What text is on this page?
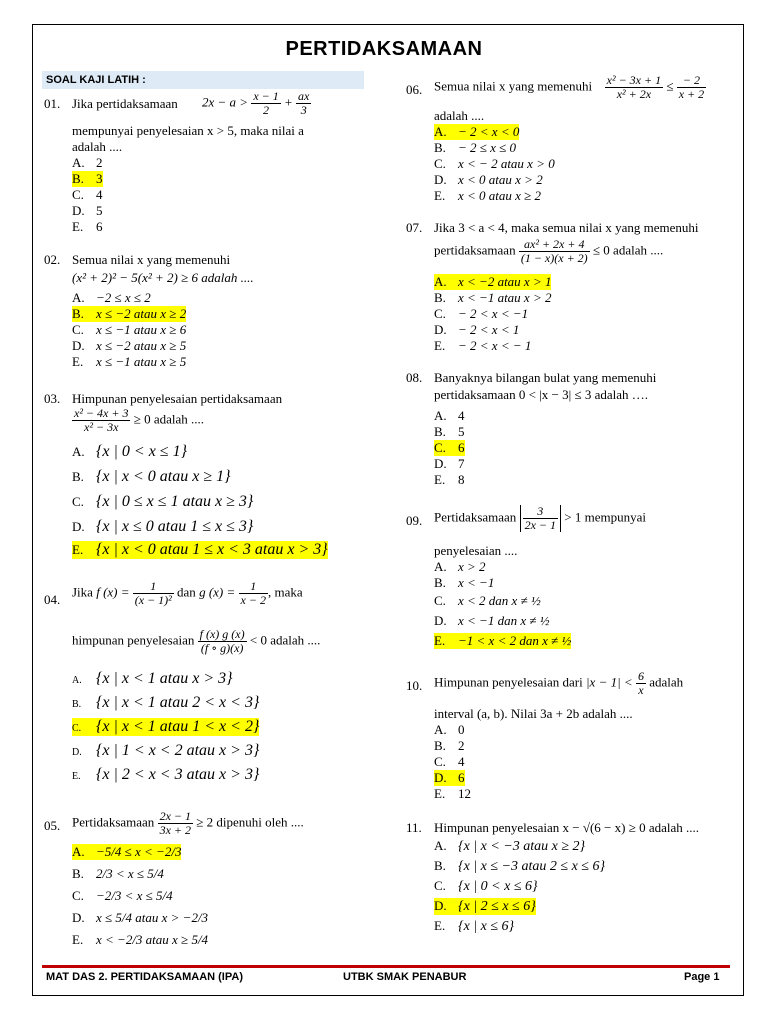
PERTIDAKSAMAAN
SOAL KAJI LATIH :
01. Jika pertidaksamaan $2x - a > \frac{x - 1}{2} + \frac{ax}{3}$
mempunyai penyelesaian x > 5, maka nilai a
adalah ....
A. 2
B. 3
C. 4
D. 5
E. 6
02. Semua nilai x yang memenuhi
(x² + 2)² − 5(x² + 2) ≥ 6 adalah ....
A. −2 ≤ x ≤ 2
B. x ≤ −2 atau x ≥ 2
C. x ≤ −1 atau x ≥ 6
D. x ≤ −2 atau x ≥ 5
E. x ≤ −1 atau x ≥ 5
03. Himpunan penyelesaian pertidaksamaan
$\frac{\text{x² − 4x + 3}}{\text{x² − 3x}} \ge 0$ adalah ....
A. {x | 0 < x ≤ 1}
B. {x | x < 0 atau x ≥ 1}
C. {x | 0 ≤ x ≤ 1 atau x ≥ 3}
D. {x | x ≤ 0 atau 1 ≤ x ≤ 3}
E. {x | x < 0 atau 1 ≤ x < 3 atau x > 3}
04.
Jika f $(x) = \frac{1}{\text{(x − 1)²}}$ dan g $(x) = \frac{1}{x - 2}$ , maka
himpunan penyelesaian $\frac{f (x) g (x)}{(f \circ g)(x)} < 0$ adalah ....
A. {x | x < 1 atau x > 3}
B. {x | x < 1 atau 2 < x < 3}
C. {x | x < 1 atau 1 < x < 2}
D. {x | 1 < x < 2 atau x > 3}
E. {x | 2 < x < 3 atau x > 3}
05. Pertidaksamaan $\frac{2x - 1}{3x + 2} \ge 2$ dipenuhi oleh ....
A. −5/4 ≤ x < −2/3
B. 2/3 < x ≤ 5/4
C. −2/3 < x ≤ 5/4
D. x ≤ 5/4 atau x > −2/3
E. x < −2/3 atau x ≥ 5/4
06. Semua nilai x yang memenuhi $\frac{\text{x² − 3x + 1}}{\text{x² + 2x}} \le \frac{- 2}{x + 2}$
adalah ....
A. − 2 < x < 0
B. − 2 ≤ x ≤ 0
C. x < − 2 atau x > 0
D. x < 0 atau x > 2
E. x < 0 atau x ≥ 2
07. Jika 3 < a < 4, maka semua nilai x yang memenuhi
pertidaksamaan $\frac{\text{ax² + 2x + 4}}{(1 - x)(x + 2)} \le 0$ adalah ....
A. x < −2 atau x > 1
B. x < −1 atau x > 2
C. − 2 < x < −1
D. − 2 < x < 1
E. − 2 < x < − 1
08. Banyaknya bilangan bulat yang memenuhi
pertidaksamaan 0 < |x − 3| ≤ 3 adalah ….
A. 4
B. 5
C. 6
D. 7
E. 8
09. Pertidaksamaan $\frac{3}{2x - 1} > 1$ mempunyai
penyelesaian ....
A. x > 2
B. x < −1
C. x < 2 dan x ≠ ½
D. x < −1 dan x ≠ ½
E. −1 < x < 2 dan x ≠ ½
10. Himpunan penyelesaian dari $|x - 1| < \frac{6}{x}$ adalah
interval (a, b). Nilai 3a + 2b adalah ....
A. 0
B. 2
C. 4
D. 6
E. 12
11. Himpunan penyelesaian x − √(6 − x) ≥ 0 adalah ....
A. {x | x < −3 atau x ≥ 2}
B. {x | x ≤ −3 atau 2 ≤ x ≤ 6}
C. {x | 0 < x ≤ 6}
D. {x | 2 ≤ x ≤ 6}
E. {x | x ≤ 6}
MAT DAS 2. PERTIDAKSAMAAN (IPA)	UTBK SMAK PENABUR	Page 1
